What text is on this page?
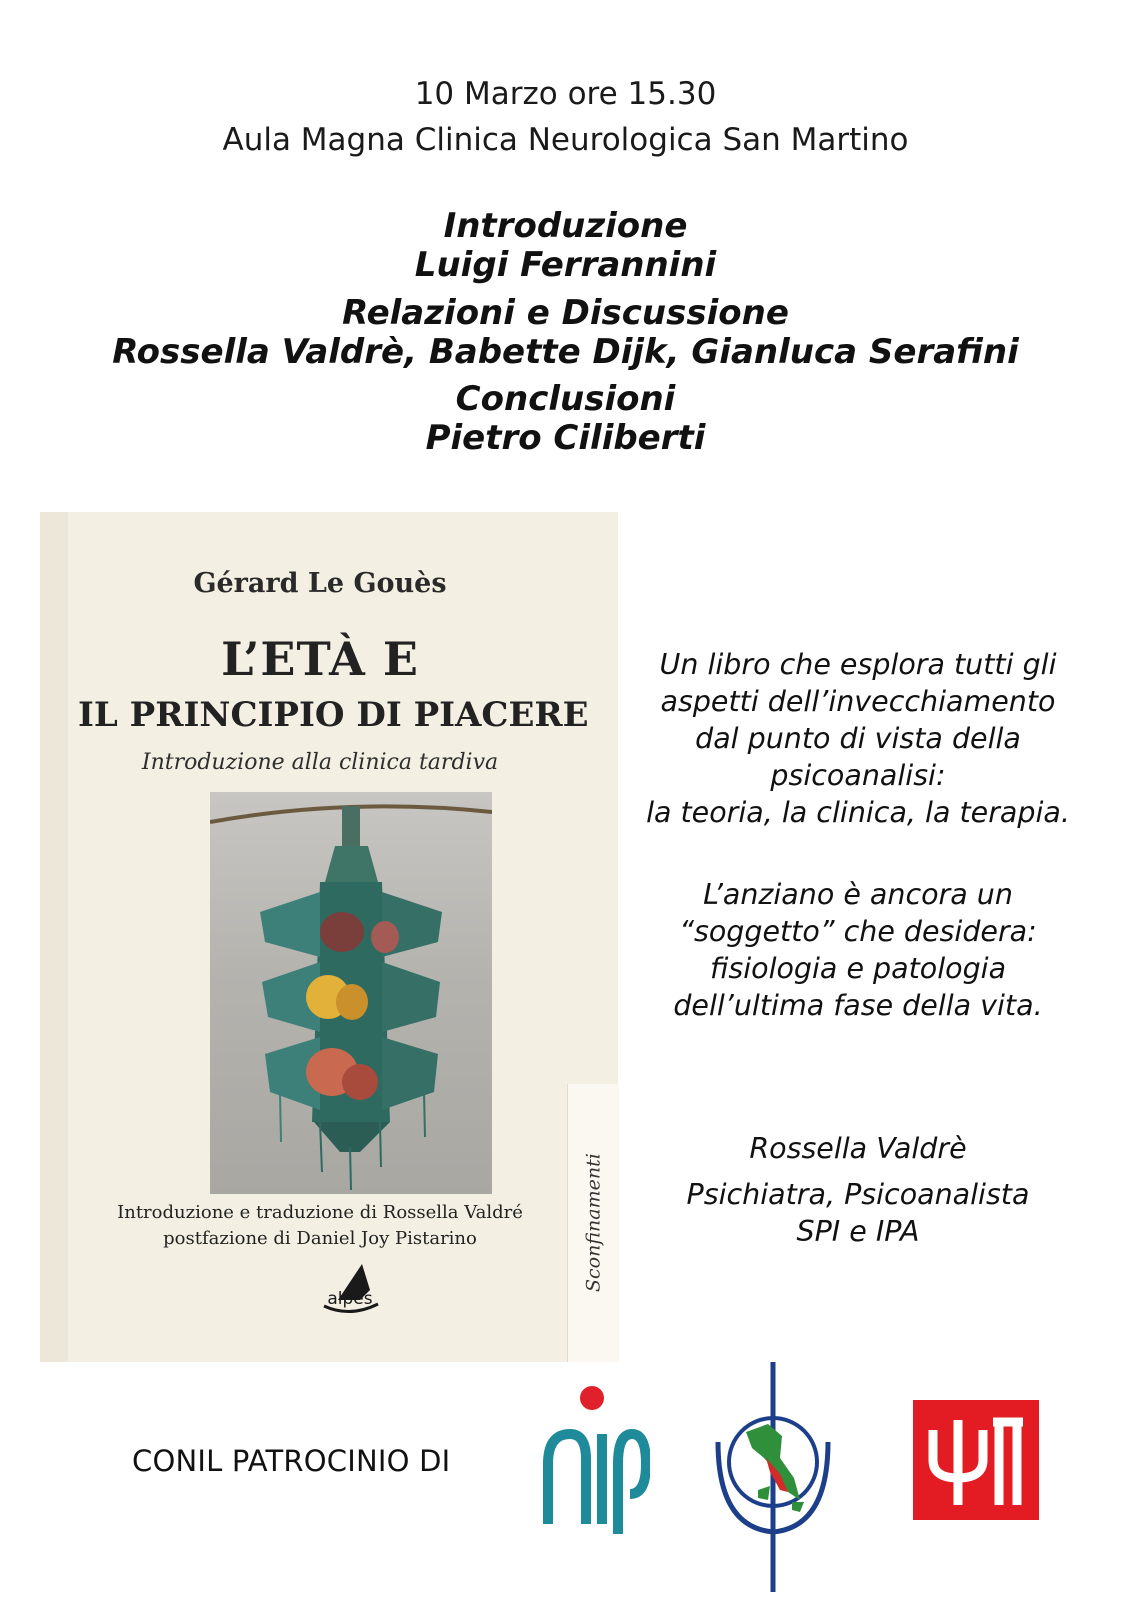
10 Marzo ore 15.30
Aula Magna Clinica Neurologica San Martino
Introduzione
Luigi Ferrannini
Relazioni e Discussione
Rossella Valdrè, Babette Dijk, Gianluca Serafini
Conclusioni
Pietro Ciliberti
Gérard Le Gouès
L’ETÀ E
IL PRINCIPIO DI PIACERE
Introduzione alla clinica tardiva
Introduzione e traduzione di Rossella Valdré
postfazione di Daniel Joy Pistarino
alpes
Sconfinamenti
Un libro che esplora tutti gli
aspetti dell’invecchiamento
dal punto di vista della
psicoanalisi:
la teoria, la clinica, la terapia.
L’anziano è ancora un
“soggetto” che desidera:
fisiologia e patologia
dell’ultima fase della vita.
Rossella Valdrè
Psichiatra, Psicoanalista
SPI e IPA
CONIL PATROCINIO DI
